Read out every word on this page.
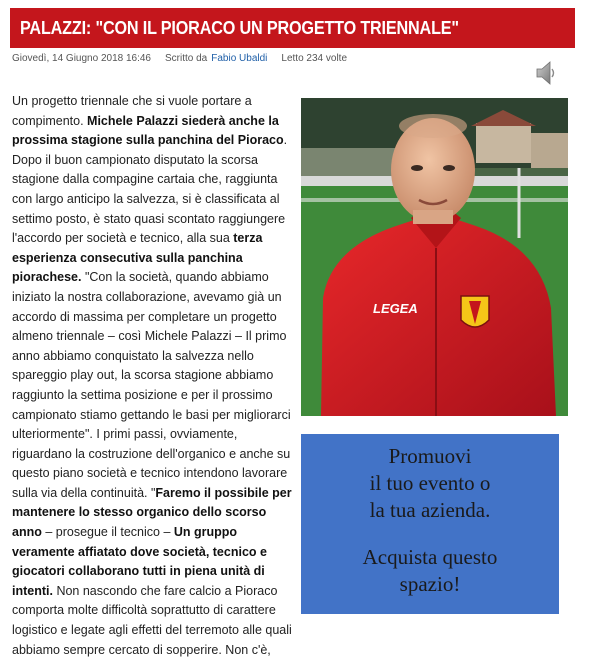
PALAZZI: "CON IL PIORACO UN PROGETTO TRIENNALE"
Giovedì, 14 Giugno 2018 16:46 Scritto da Fabio Ubaldi Letto 234 volte
Un progetto triennale che si vuole portare a compimento. Michele Palazzi siederà anche la prossima stagione sulla panchina del Pioraco. Dopo il buon campionato disputato la scorsa stagione dalla compagine cartaia che, raggiunta con largo anticipo la salvezza, si è classificata al settimo posto, è stato quasi scontato raggiungere l'accordo per società e tecnico, alla sua terza esperienza consecutiva sulla panchina piorachese. "Con la società, quando abbiamo iniziato la nostra collaborazione, avevamo già un accordo di massima per completare un progetto almeno triennale – così Michele Palazzi – Il primo anno abbiamo conquistato la salvezza nello spareggio play out, la scorsa stagione abbiamo raggiunto la settima posizione e per il prossimo campionato stiamo gettando le basi per migliorarci ulteriormente". I primi passi, ovviamente, riguardano la costruzione dell'organico e anche su questo piano società e tecnico intendono lavorare sulla via della continuità. "Faremo il possibile per mantenere lo stesso organico dello scorso anno – prosegue il tecnico – Un gruppo veramente affiatato dove società, tecnico e giocatori collaborano tutti in piena unità di intenti. Non nascondo che fare calcio a Pioraco comporta molte difficoltà soprattutto di carattere logistico e legate agli effetti del terremoto alle quali abbiamo sempre cercato di sopperire. Non c'è,
LEGEA
Promuovi
il tuo evento o
la tua azienda.
Acquista questo
spazio!
